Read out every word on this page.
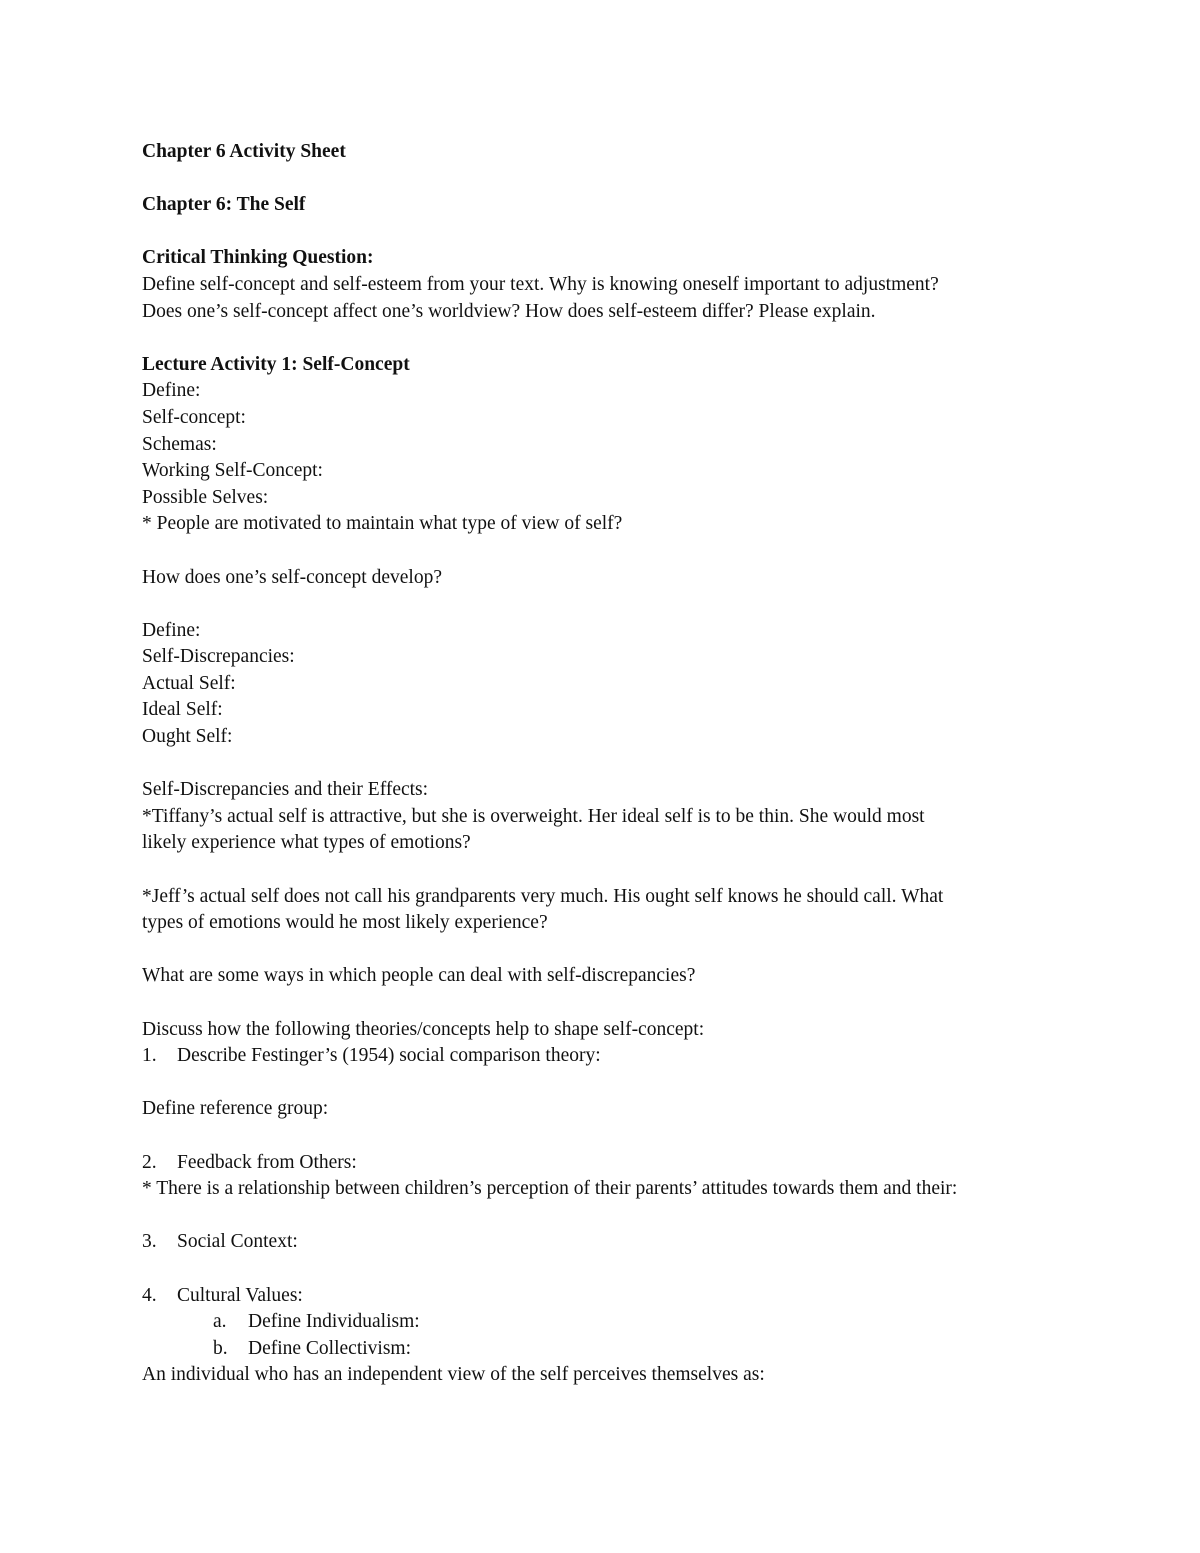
Chapter 6 Activity Sheet
Chapter 6: The Self
Critical Thinking Question:
Define self-concept and self-esteem from your text. Why is knowing oneself important to adjustment?
Does one’s self-concept affect one’s worldview? How does self-esteem differ? Please explain.
Lecture Activity 1: Self-Concept
Define:
Self-concept:
Schemas:
Working Self-Concept:
Possible Selves:
* People are motivated to maintain what type of view of self?
How does one’s self-concept develop?
Define:
Self-Discrepancies:
Actual Self:
Ideal Self:
Ought Self:
Self-Discrepancies and their Effects:
*Tiffany’s actual self is attractive, but she is overweight. Her ideal self is to be thin. She would most
likely experience what types of emotions?
*Jeff’s actual self does not call his grandparents very much. His ought self knows he should call. What
types of emotions would he most likely experience?
What are some ways in which people can deal with self-discrepancies?
Discuss how the following theories/concepts help to shape self-concept:
1.	Describe Festinger’s (1954) social comparison theory:
Define reference group:
2.	Feedback from Others:
* There is a relationship between children’s perception of their parents’ attitudes towards them and their:
3.	Social Context:
4.	Cultural Values:
a.	Define Individualism:
b.	Define Collectivism:
An individual who has an independent view of the self perceives themselves as:
